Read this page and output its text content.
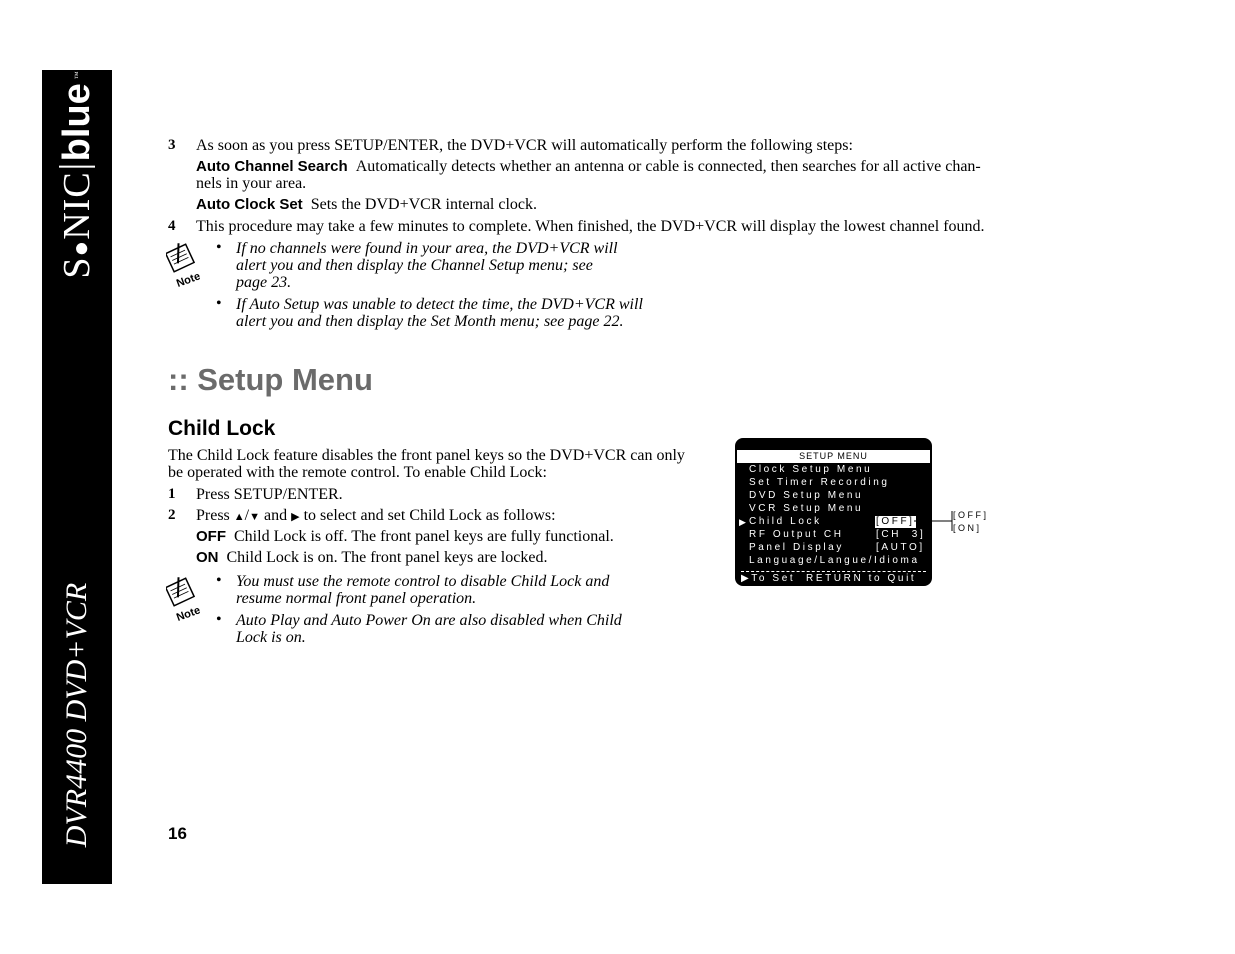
S●NIC
blue
™
DVR4400 DVD+VCR
3 As soon as you press SETUP/ENTER, the DVD+VCR will automatically perform the following steps:
Auto Channel Search Automatically detects whether an antenna or cable is connected, then searches for all active chan-
nels in your area.
Auto Clock Set Sets the DVD+VCR internal clock.
4 This procedure may take a few minutes to complete. When finished, the DVD+VCR will display the lowest channel found.
Note
• If no channels were found in your area, the DVD+VCR will
alert you and then display the Channel Setup menu; see
page 23.
• If Auto Setup was unable to detect the time, the DVD+VCR will
alert you and then display the Set Month menu; see page 22.
:: Setup Menu
Child Lock
The Child Lock feature disables the front panel keys so the DVD+VCR can only
be operated with the remote control. To enable Child Lock:
1 Press SETUP/ENTER.
2 Press ▲/▼ and ▶ to select and set Child Lock as follows:
OFF Child Lock is off. The front panel keys are fully functional.
ON Child Lock is on. The front panel keys are locked.
Note
• You must use the remote control to disable Child Lock and
resume normal front panel operation.
• Auto Play and Auto Power On are also disabled when Child
Lock is on.
SETUP MENU
Clock Setup Menu
Set Timer Recording
DVD Setup Menu
VCR Setup Menu
▶ Child Lock	[OFF]
RF Output CH	[CH  3]
Panel Display	[AUTO]
Language/Langue/Idioma
▶To Set  RETURN to Quit
[OFF]
[ON]
16
